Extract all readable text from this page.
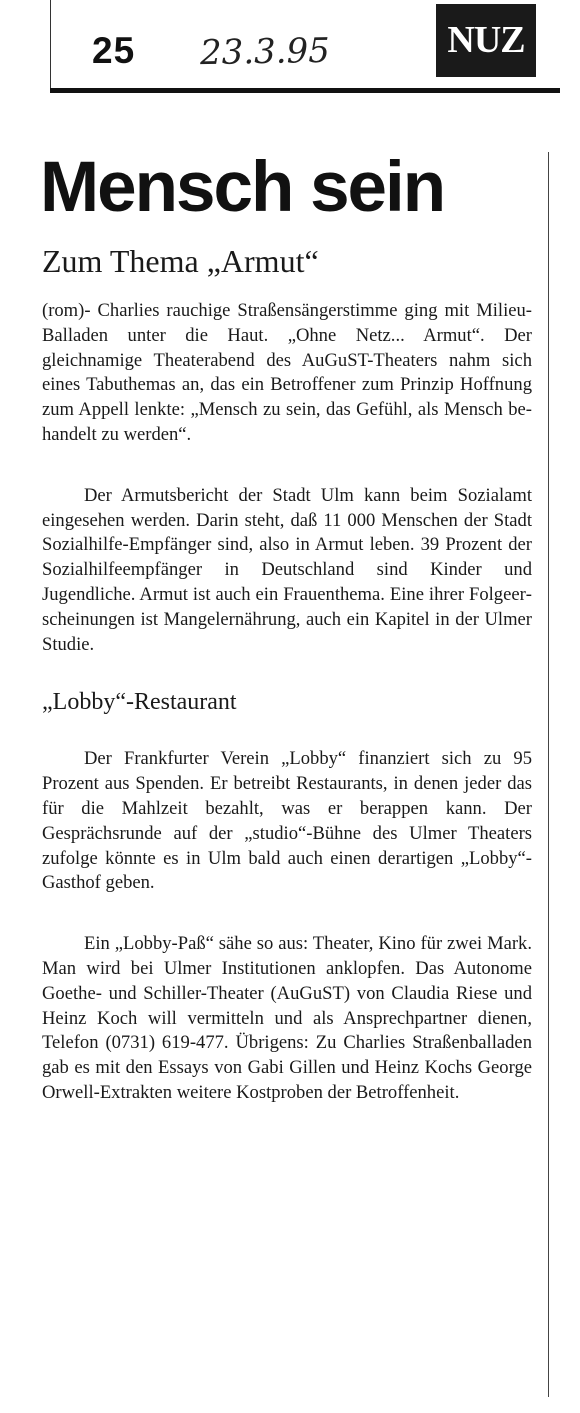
25 23.3.95	NUZ
Mensch sein
Zum Thema „Armut“

(rom)- Charlies rauchige Straßensängerstimme ging mit Milieu-Balladen unter die Haut. „Ohne Netz... Armut“. Der gleichnamige Theaterabend des AuGuST-Theaters nahm sich eines Tabuthemas an, das ein Betroffener zum Prinzip Hoffnung zum Appell lenkte: „Mensch zu sein, das Gefühl, als Mensch behandelt zu werden“.

Der Armutsbericht der Stadt Ulm kann beim Sozialamt eingesehen werden. Darin steht, daß 11 000 Menschen der Stadt Sozialhilfe-Empfänger sind, also in Armut leben. 39 Prozent der Sozialhilfeempfänger in Deutschland sind Kinder und Jugendliche. Armut ist auch ein Frauenthema. Eine ihrer Folgeerscheinungen ist Mangelernährung, auch ein Kapitel in der Ulmer Studie.

„Lobby“-Restaurant

Der Frankfurter Verein „Lobby“ finanziert sich zu 95 Prozent aus Spenden. Er betreibt Restaurants, in denen jeder das für die Mahlzeit bezahlt, was er berappen kann. Der Gesprächsrunde auf der „studio“-Bühne des Ulmer Theaters zufolge könnte es in Ulm bald auch einen derartigen „Lobby“-Gasthof geben.

Ein „Lobby-Paß“ sähe so aus: Theater, Kino für zwei Mark. Man wird bei Ulmer Institutionen anklopfen. Das Autonome Goethe- und Schiller-Theater (AuGuST) von Claudia Riese und Heinz Koch will vermitteln und als Ansprechpartner dienen, Telefon (0731) 619-477. Übrigens: Zu Charlies Straßenballaden gab es mit den Essays von Gabi Gillen und Heinz Kochs George Orwell-Extrakten weitere Kostproben der Betroffenheit.
